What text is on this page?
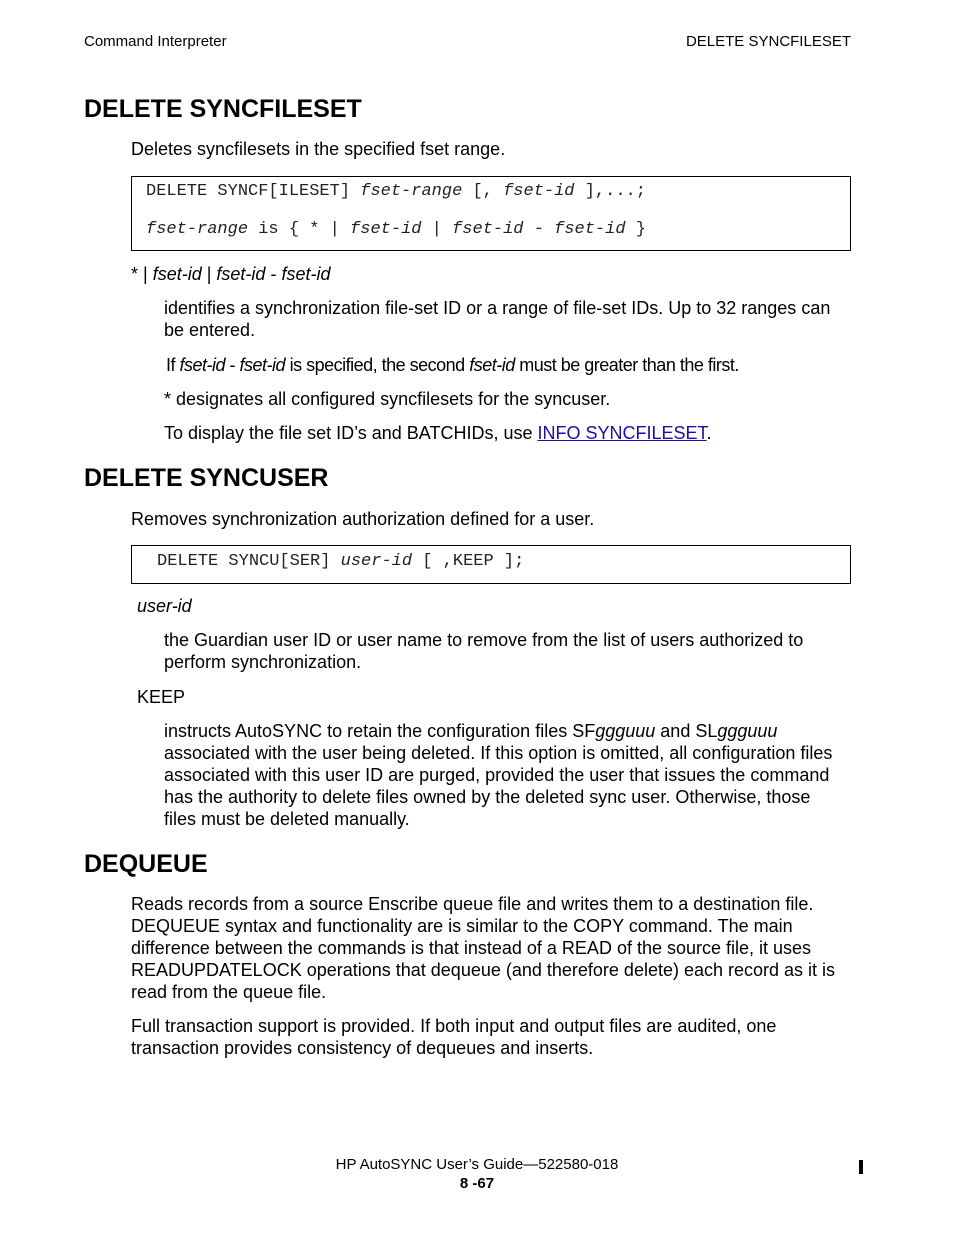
Command Interpreter	DELETE SYNCFILESET
DELETE SYNCFILESET
Deletes syncfilesets in the specified fset range.
DELETE SYNCF[ILESET] fset-range [, fset-id ],...;
fset-range is { * | fset-id | fset-id - fset-id }
* | fset-id | fset-id - fset-id
identifies a synchronization file-set ID or a range of file-set IDs. Up to 32 ranges can be entered.
If fset-id - fset-id is specified, the second fset-id must be greater than the first.
* designates all configured syncfilesets for the syncuser.
To display the file set ID’s and BATCHIDs, use INFO SYNCFILESET.
DELETE SYNCUSER
Removes synchronization authorization defined for a user.
DELETE SYNCU[SER] user-id [ ,KEEP ];
user-id
the Guardian user ID or user name to remove from the list of users authorized to perform synchronization.
KEEP
instructs AutoSYNC to retain the configuration files SFggguuu and SLggguuu associated with the user being deleted. If this option is omitted, all configuration files associated with this user ID are purged, provided the user that issues the command has the authority to delete files owned by the deleted sync user. Otherwise, those files must be deleted manually.
DEQUEUE
Reads records from a source Enscribe queue file and writes them to a destination file. DEQUEUE syntax and functionality are is similar to the COPY command. The main difference between the commands is that instead of a READ of the source file, it uses READUPDATELOCK operations that dequeue (and therefore delete) each record as it is read from the queue file.
Full transaction support is provided. If both input and output files are audited, one transaction provides consistency of dequeues and inserts.
HP AutoSYNC User’s Guide—522580-018
8 -67
